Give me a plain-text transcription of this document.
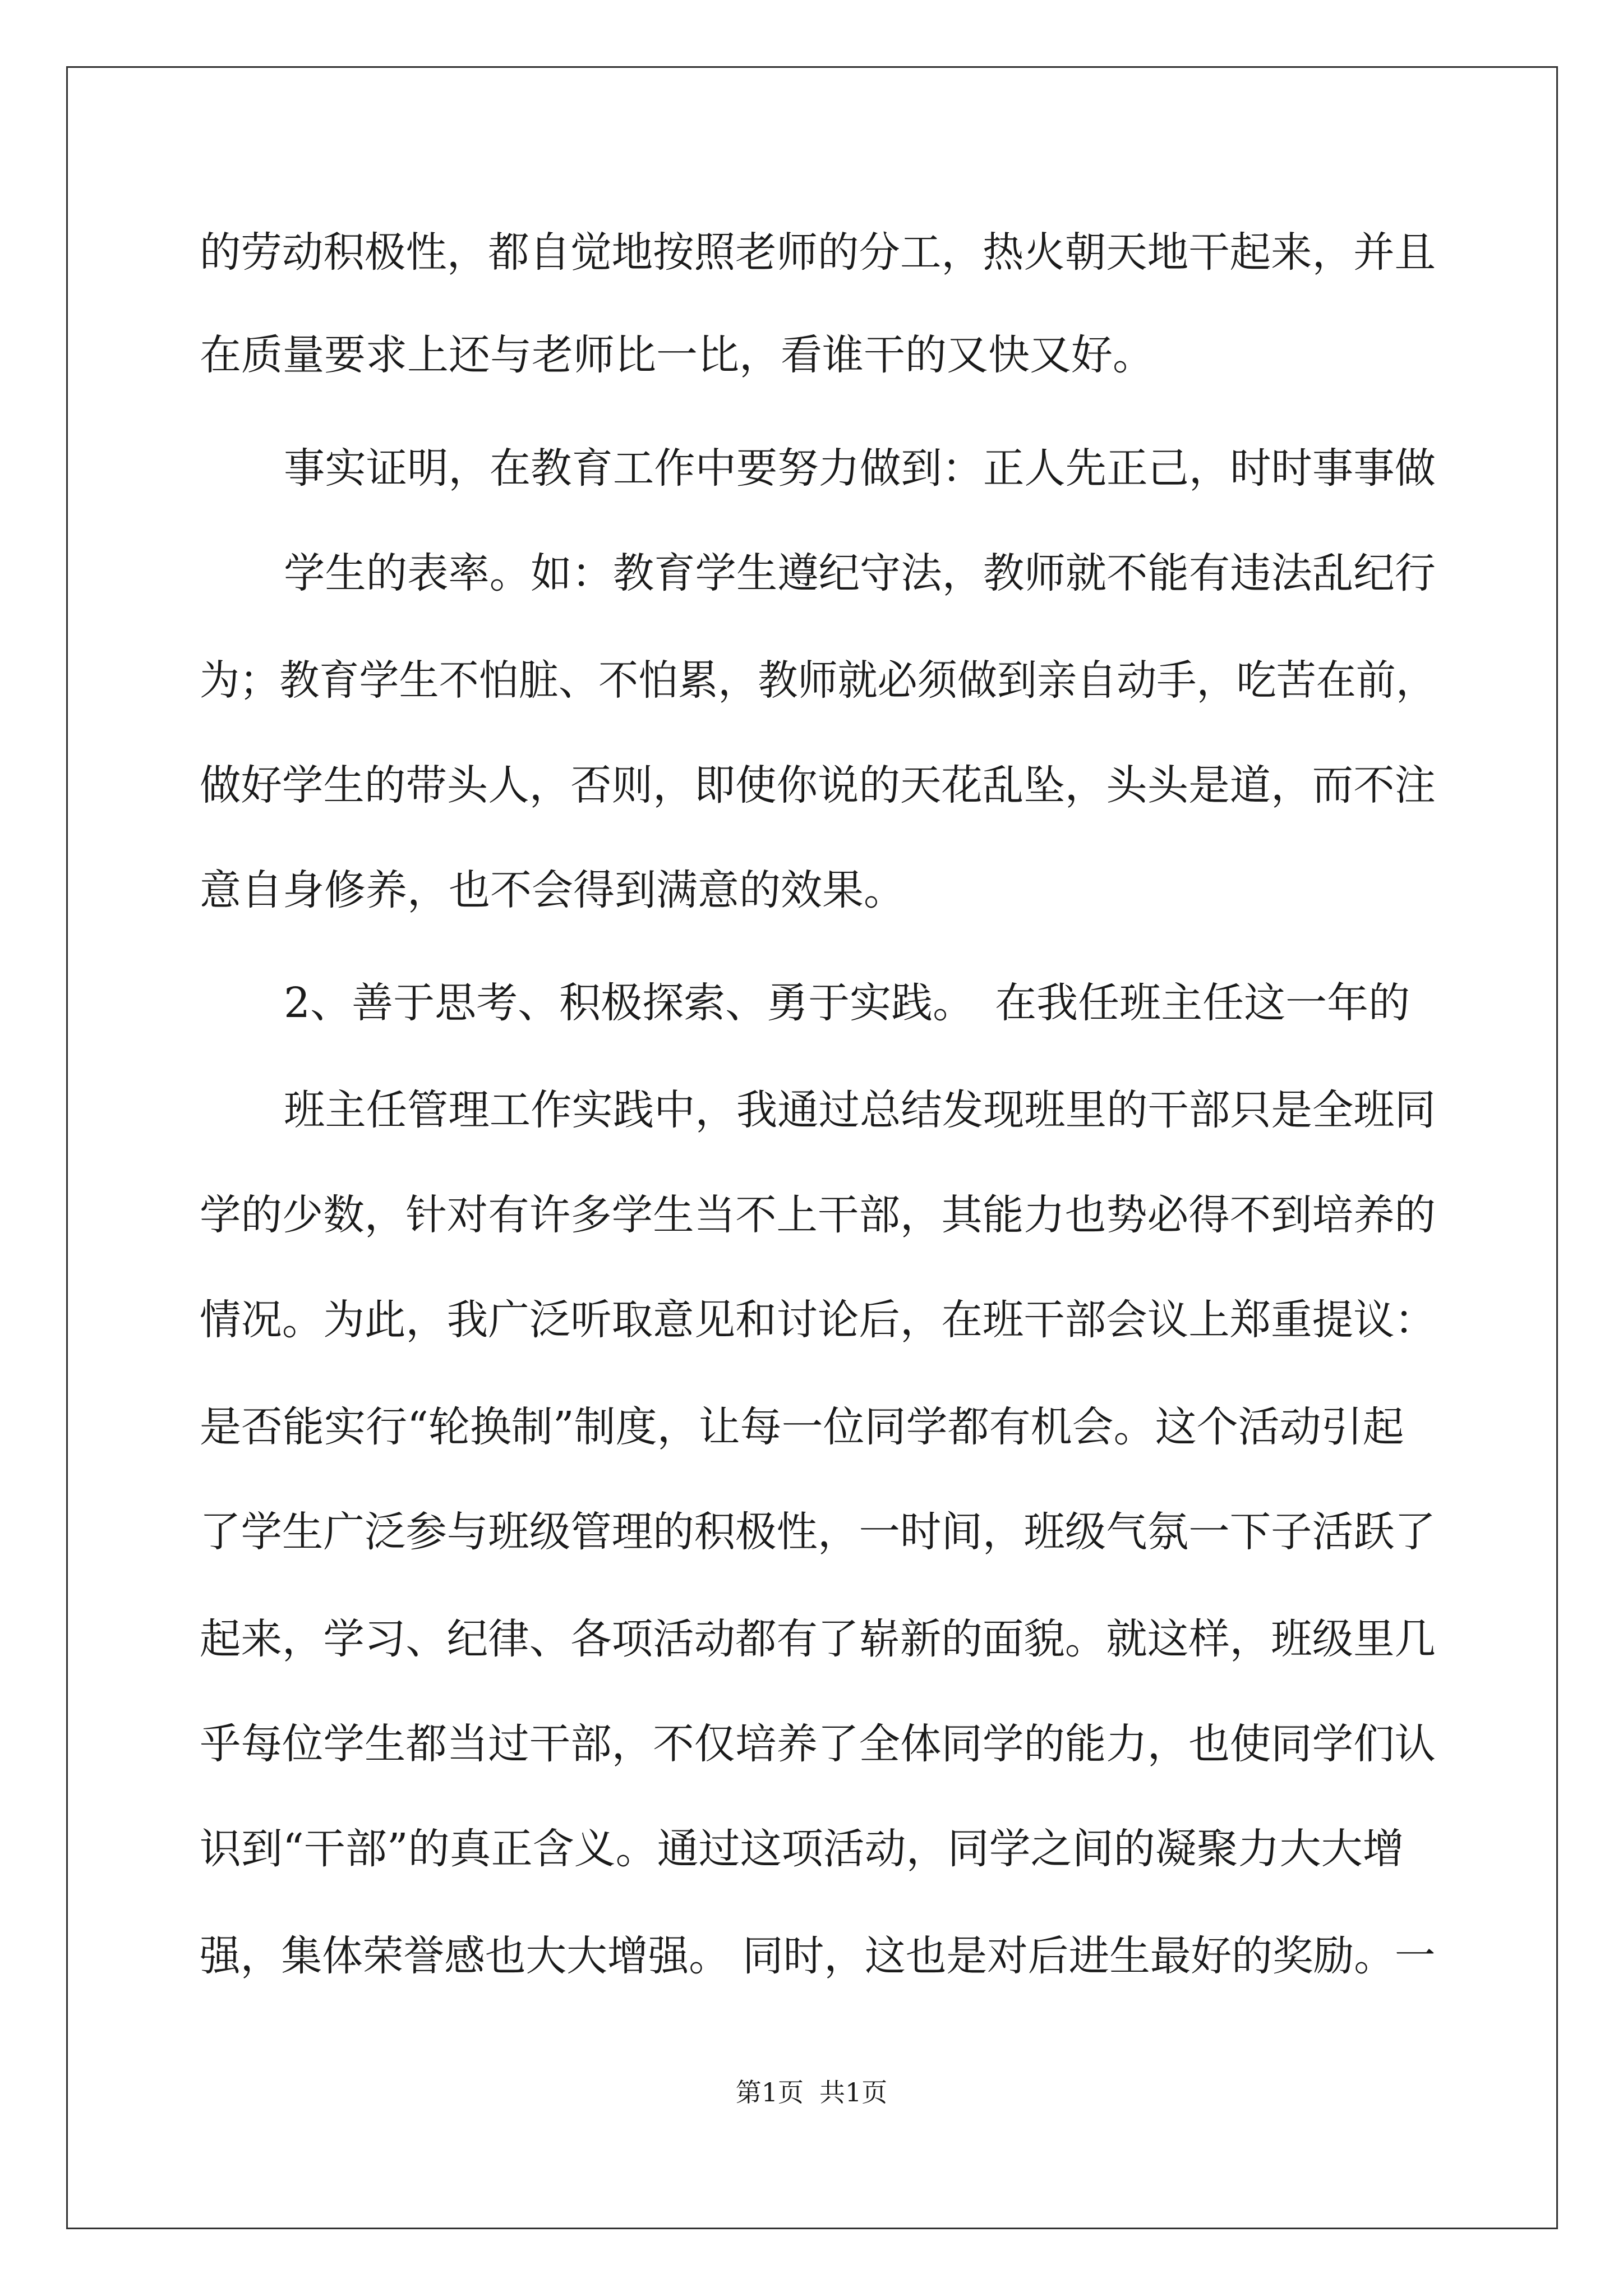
的劳动积极性，都自觉地按照老师的分工，热火朝天地干起来，并且
在质量要求上还与老师比一比，看谁干的又快又好。
事实证明，在教育工作中要努力做到：正人先正己，时时事事做
学生的表率。如：教育学生遵纪守法，教师就不能有违法乱纪行
为；教育学生不怕脏、不怕累，教师就必须做到亲自动手，吃苦在前，
做好学生的带头人，否则，即使你说的天花乱坠，头头是道，而不注
意自身修养，也不会得到满意的效果。
2、善于思考、积极探索、勇于实践。　在我任班主任这一年的
班主任管理工作实践中，我通过总结发现班里的干部只是全班同
学的少数，针对有许多学生当不上干部，其能力也势必得不到培养的
情况。为此，我广泛听取意见和讨论后，在班干部会议上郑重提议：
是否能实行“轮换制”制度，让每一位同学都有机会。这个活动引起
了学生广泛参与班级管理的积极性，一时间，班级气氛一下子活跃了
起来，学习、纪律、各项活动都有了崭新的面貌。就这样，班级里几
乎每位学生都当过干部，不仅培养了全体同学的能力，也使同学们认
识到“干部”的真正含义。通过这项活动，同学之间的凝聚力大大增
强，集体荣誉感也大大增强。 同时，这也是对后进生最好的奖励。一
第1页 共1页
